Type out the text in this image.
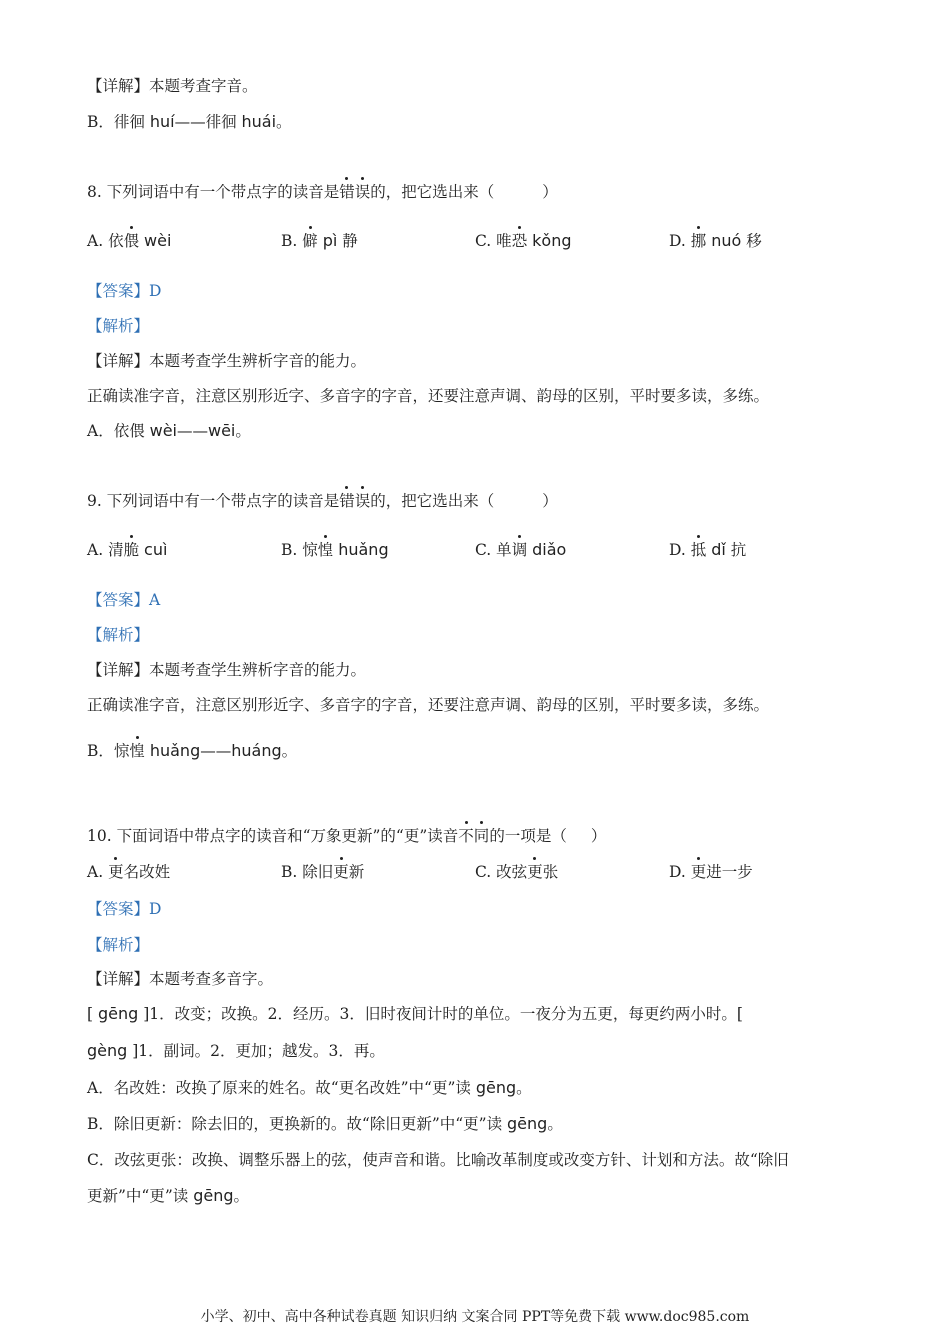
【详解】本题考查字音。
B．徘徊 huí——徘徊 huái。
8. 下列词语中有一个带点字的读音是错误的，把它选出来（	）
A. 依偎 wèi	B. 僻 pì 静	C. 唯恐 kǒng	D. 挪 nuó 移
【答案】D
【解析】
【详解】本题考查学生辨析字音的能力。
正确读准字音，注意区别形近字、多音字的字音，还要注意声调、韵母的区别，平时要多读，多练。
A．依偎 wèi——wēi。
9. 下列词语中有一个带点字的读音是错误的，把它选出来（	）
A. 清脆 cuì	B. 惊惶 huǎng	C. 单调 diǎo	D. 抵 dǐ 抗
【答案】A
【解析】
【详解】本题考查学生辨析字音的能力。
正确读准字音，注意区别形近字、多音字的字音，还要注意声调、韵母的区别，平时要多读，多练。
B．惊惶 huǎng——huáng。
10. 下面词语中带点字的读音和“万象更新”的“更”读音不同的一项是（ ）
A. 更名改姓	B. 除旧更新	C. 改弦更张	D. 更进一步
【答案】D
【解析】
【详解】本题考查多音字。
[ gēng ]1．改变；改换。2．经历。3．旧时夜间计时的单位。一夜分为五更，每更约两小时。[
gèng ]1．副词。2．更加；越发。3．再。
A．名改姓：改换了原来的姓名。故“更名改姓”中“更”读 gēng。
B．除旧更新：除去旧的，更换新的。故“除旧更新”中“更”读 gēng。
C．改弦更张：改换、调整乐器上的弦，使声音和谐。比喻改革制度或改变方针、计划和方法。故“除旧
更新”中“更”读 gēng。
小学、初中、高中各种试卷真题 知识归纳 文案合同 PPT等免费下载 www.doc985.com
